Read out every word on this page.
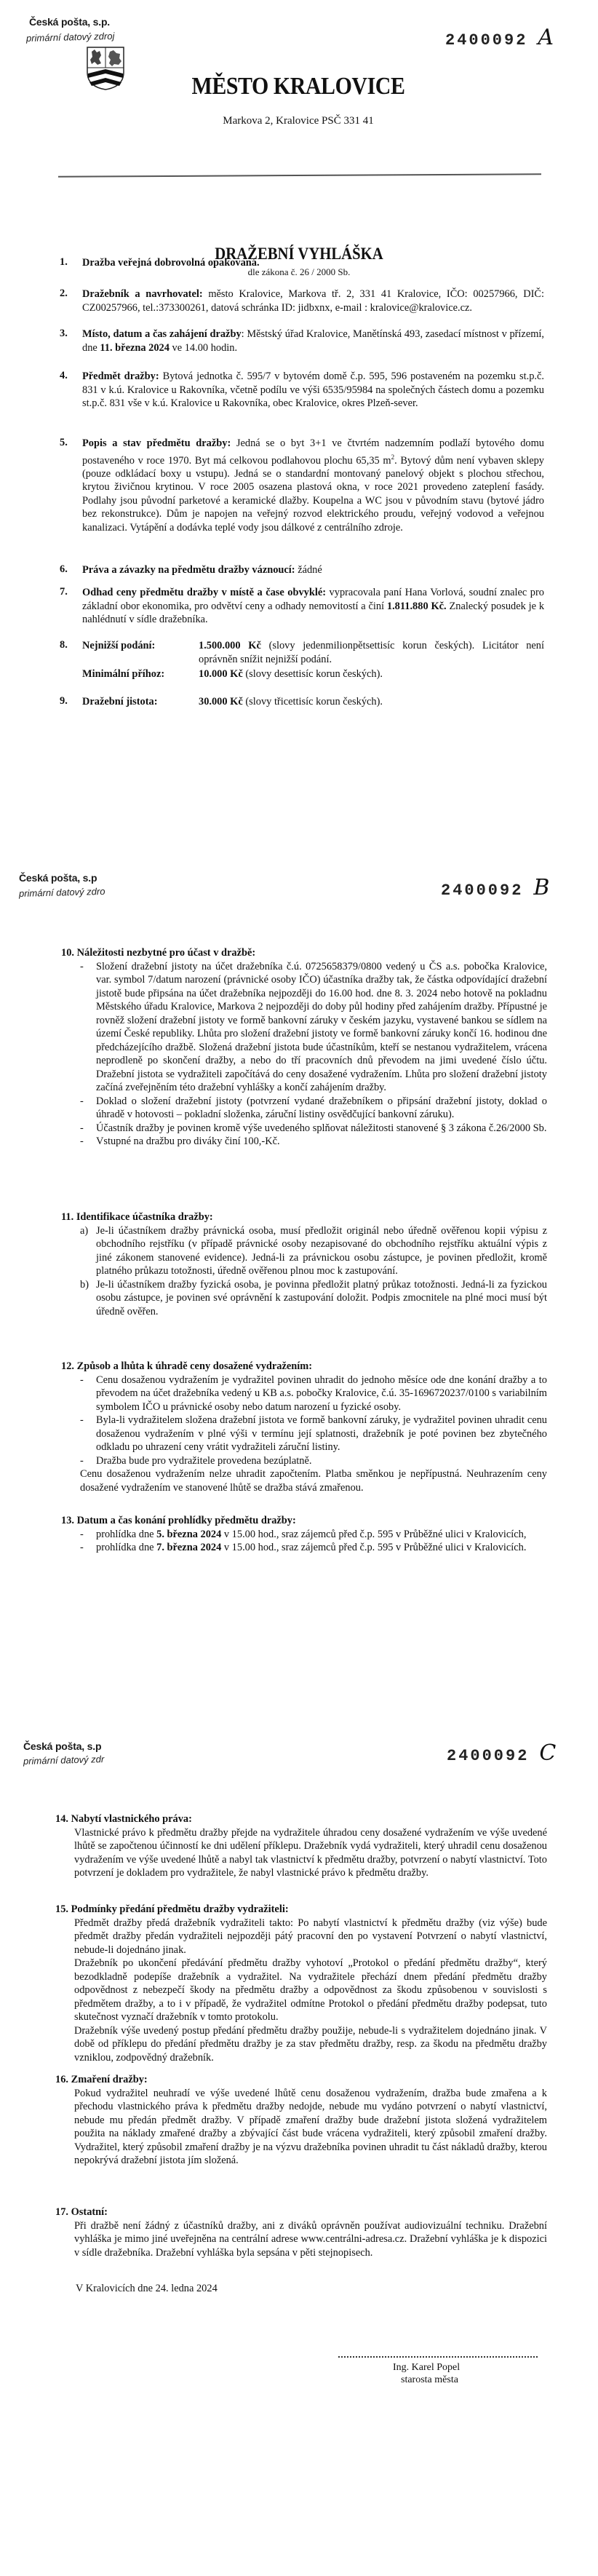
Česká pošta, s.p.
primární datový zdroj	2400092 A
MĚSTO KRALOVICE
Markova 2, Kralovice PSČ 331 41
DRAŽEBNÍ VYHLÁŠKA
dle zákona č. 26 / 2000 Sb.
1. Dražba veřejná dobrovolná opakovaná.
2. Dražebník a navrhovatel: město Kralovice, Markova tř. 2, 331 41 Kralovice, IČO: 00257966, DIČ: CZ00257966, tel.:373300261, datová schránka ID: jidbxnx, e-mail : kralovice@kralovice.cz.
3. Místo, datum a čas zahájení dražby: Městský úřad Kralovice, Manětínská 493, zasedací místnost v přízemí, dne 11. března 2024 ve 14.00 hodin.
4. Předmět dražby: Bytová jednotka č. 595/7 v bytovém domě č.p. 595, 596 postaveném na pozemku st.p.č. 831 v k.ú. Kralovice u Rakovníka, včetně podílu ve výši 6535/95984 na společných částech domu a pozemku st.p.č. 831 vše v k.ú. Kralovice u Rakovníka, obec Kralovice, okres Plzeň-sever.
5. Popis a stav předmětu dražby: Jedná se o byt 3+1 ve čtvrtém nadzemním podlaží bytového domu postaveného v roce 1970. Byt má celkovou podlahovou plochu 65,35 $m^2$. Bytový dům není vybaven sklepy (pouze odkládací boxy u vstupu). Jedná se o standardní montovaný panelový objekt s plochou střechou, krytou živičnou krytinou. V roce 2005 osazena plastová okna, v roce 2021 provedeno zateplení fasády. Podlahy jsou původní parketové a keramické dlažby. Koupelna a WC jsou v původním stavu (bytové jádro bez rekonstrukce). Dům je napojen na veřejný rozvod elektrického proudu, veřejný vodovod a veřejnou kanalizaci. Vytápění a dodávka teplé vody jsou dálkové z centrálního zdroje.
6. Práva a závazky na předmětu dražby váznoucí: žádné
7. Odhad ceny předmětu dražby v místě a čase obvyklé: vypracovala paní Hana Vorlová, soudní znalec pro základní obor ekonomika, pro odvětví ceny a odhady nemovitostí a činí 1.811.880 Kč. Znalecký posudek je k nahlédnutí v sídle dražebníka.
8. Nejnižší podání:	1.500.000 Kč (slovy jedenmilionpětsettisíc korun českých). Licitátor není oprávněn snížit nejnižší podání.
Minimální příhoz:	10.000 Kč (slovy desettisíc korun českých).
9. Dražební jistota:	30.000 Kč (slovy třicettisíc korun českých).
Česká pošta, s.p
primární datový zdro	2400092 B
10. Náležitosti nezbytné pro účast v dražbě:
- Složení dražební jistoty na účet dražebníka č.ú. 0725658379/0800 vedený u ČS a.s. pobočka Kralovice, var. symbol 7/datum narození (právnické osoby IČO) účastníka dražby tak, že částka odpovídající dražební jistotě bude připsána na účet dražebníka nejpozději do 16.00 hod. dne 8. 3. 2024 nebo hotově na pokladnu Městského úřadu Kralovice, Markova 2 nejpozději do doby půl hodiny před zahájením dražby. Přípustné je rovněž složení dražební jistoty ve formě bankovní záruky v českém jazyku, vystavené bankou se sídlem na území České republiky. Lhůta pro složení dražební jistoty ve formě bankovní záruky končí 16. hodinou dne předcházejícího dražbě. Složená dražební jistota bude účastníkům, kteří se nestanou vydražitelem, vrácena neprodleně po skončení dražby, a nebo do tří pracovních dnů převodem na jimi uvedené číslo účtu. Dražební jistota se vydražiteli započítává do ceny dosažené vydražením. Lhůta pro složení dražební jistoty začíná zveřejněním této dražební vyhlášky a končí zahájením dražby.
- Doklad o složení dražební jistoty (potvrzení vydané dražebníkem o připsání dražební jistoty, doklad o úhradě v hotovosti – pokladní složenka, záruční listiny osvědčující bankovní záruku).
- Účastník dražby je povinen kromě výše uvedeného splňovat náležitosti stanovené § 3 zákona č.26/2000 Sb.
- Vstupné na dražbu pro diváky činí 100,-Kč.
11. Identifikace účastníka dražby:
a) Je-li účastníkem dražby právnická osoba, musí předložit originál nebo úředně ověřenou kopii výpisu z obchodního rejstříku (v případě právnické osoby nezapisované do obchodního rejstříku aktuální výpis z jiné zákonem stanovené evidence). Jedná-li za právnickou osobu zástupce, je povinen předložit, kromě platného průkazu totožnosti, úředně ověřenou plnou moc k zastupování.
b) Je-li účastníkem dražby fyzická osoba, je povinna předložit platný průkaz totožnosti. Jedná-li za fyzickou osobu zástupce, je povinen své oprávnění k zastupování doložit. Podpis zmocnitele na plné moci musí být úředně ověřen.
12. Způsob a lhůta k úhradě ceny dosažené vydražením:
- Cenu dosaženou vydražením je vydražitel povinen uhradit do jednoho měsíce ode dne konání dražby a to převodem na účet dražebníka vedený u KB a.s. pobočky Kralovice, č.ú. 35-1696720237/0100 s variabilním symbolem IČO u právnické osoby nebo datum narození u fyzické osoby.
- Byla-li vydražitelem složena dražební jistota ve formě bankovní záruky, je vydražitel povinen uhradit cenu dosaženou vydražením v plné výši v termínu její splatnosti, dražebník je poté povinen bez zbytečného odkladu po uhrazení ceny vrátit vydražiteli záruční listiny.
- Dražba bude pro vydražitele provedena bezúplatně.
Cenu dosaženou vydražením nelze uhradit započtením. Platba směnkou je nepřípustná. Neuhrazením ceny dosažené vydražením ve stanovené lhůtě se dražba stává zmařenou.
13. Datum a čas konání prohlídky předmětu dražby:
- prohlídka dne 5. března 2024 v 15.00 hod., sraz zájemců před č.p. 595 v Průběžné ulici v Kralovicích,
- prohlídka dne 7. března 2024 v 15.00 hod., sraz zájemců před č.p. 595 v Průběžné ulici v Kralovicích.
Česká pošta, s.p
primární datový zdr	2400092 C
14. Nabytí vlastnického práva:
Vlastnické právo k předmětu dražby přejde na vydražitele úhradou ceny dosažené vydražením ve výše uvedené lhůtě se započtenou účinností ke dni udělení příklepu. Dražebník vydá vydražiteli, který uhradil cenu dosaženou vydražením ve výše uvedené lhůtě a nabyl tak vlastnictví k předmětu dražby, potvrzení o nabytí vlastnictví. Toto potvrzení je dokladem pro vydražitele, že nabyl vlastnické právo k předmětu dražby.
15. Podmínky předání předmětu dražby vydražiteli:
Předmět dražby předá dražebník vydražiteli takto: Po nabytí vlastnictví k předmětu dražby (viz výše) bude předmět dražby předán vydražiteli nejpozději pátý pracovní den po vystavení Potvrzení o nabytí vlastnictví, nebude-li dojednáno jinak.
Dražebník po ukončení předávání předmětu dražby vyhotoví „Protokol o předání předmětu dražby“, který bezodkladně podepíše dražebník a vydražitel. Na vydražitele přechází dnem předání předmětu dražby odpovědnost z nebezpečí škody na předmětu dražby a odpovědnost za škodu způsobenou v souvislosti s předmětem dražby, a to i v případě, že vydražitel odmítne Protokol o předání předmětu dražby podepsat, tuto skutečnost vyznačí dražebník v tomto protokolu.
Dražebník výše uvedený postup předání předmětu dražby použije, nebude-li s vydražitelem dojednáno jinak. V době od příklepu do předání předmětu dražby je za stav předmětu dražby, resp. za škodu na předmětu dražby vzniklou, zodpovědný dražebník.
16. Zmaření dražby:
Pokud vydražitel neuhradí ve výše uvedené lhůtě cenu dosaženou vydražením, dražba bude zmařena a k přechodu vlastnického práva k předmětu dražby nedojde, nebude mu vydáno potvrzení o nabytí vlastnictví, nebude mu předán předmět dražby. V případě zmaření dražby bude dražební jistota složená vydražitelem použita na náklady zmařené dražby a zbývající část bude vrácena vydražiteli, který způsobil zmaření dražby. Vydražitel, který způsobil zmaření dražby je na výzvu dražebníka povinen uhradit tu část nákladů dražby, kterou nepokrývá dražební jistota jím složená.
17. Ostatní:
Při dražbě není žádný z účastníků dražby, ani z diváků oprávněn používat audiovizuální techniku. Dražební vyhláška je mimo jiné uveřejněna na centrální adrese www.centrálni-adresa.cz. Dražební vyhláška je k dispozici v sídle dražebníka. Dražební vyhláška byla sepsána v pěti stejnopisech.
V Kralovicích dne 24. ledna 2024
Ing. Karel Popel
starosta města
